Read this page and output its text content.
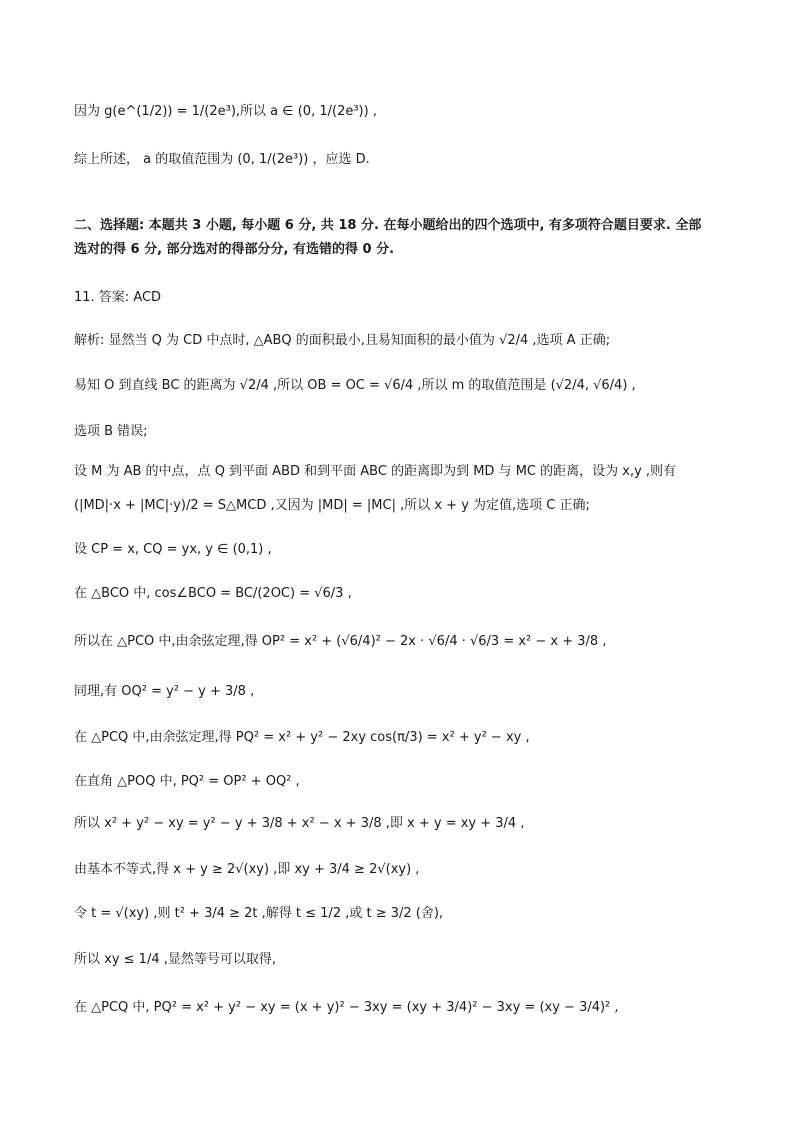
因为 g(e^(1/2)) = 1/(2e³),所以 a ∈ (0, 1/(2e³)) ,
综上所述， a 的取值范围为 (0, 1/(2e³)) ，应选 D.
二、选择题: 本题共 3 小题, 每小题 6 分, 共 18 分. 在每小题给出的四个选项中, 有多项符合题目要求. 全部
选对的得 6 分, 部分选对的得部分分, 有选错的得 0 分.
11. 答案: ACD
解析: 显然当 Q 为 CD 中点时, △ABQ 的面积最小,且易知面积的最小值为 √2/4 ,选项 A 正确;
易知 O 到直线 BC 的距离为 √2/4 ,所以 OB = OC = √6/4 ,所以 m 的取值范围是 (√2/4, √6/4) ,
选项 B 错误;
设 M 为 AB 的中点，点 Q 到平面 ABD 和到平面 ABC 的距离即为到 MD 与 MC 的距离，设为 x,y ,则有
(|MD|·x + |MC|·y)/2 = S△MCD ,又因为 |MD| = |MC| ,所以 x + y 为定值,选项 C 正确;
设 CP = x, CQ = yx, y ∈ (0,1) ,
在 △BCO 中, cos∠BCO = BC/(2OC) = √6/3 ,
所以在 △PCO 中,由余弦定理,得 OP² = x² + (√6/4)² − 2x · √6/4 · √6/3 = x² − x + 3/8 ,
同理,有 OQ² = y² − y + 3/8 ,
在 △PCQ 中,由余弦定理,得 PQ² = x² + y² − 2xy cos(π/3) = x² + y² − xy ,
在直角 △POQ 中, PQ² = OP² + OQ² ,
所以 x² + y² − xy = y² − y + 3/8 + x² − x + 3/8 ,即 x + y = xy + 3/4 ,
由基本不等式,得 x + y ≥ 2√(xy) ,即 xy + 3/4 ≥ 2√(xy) ,
令 t = √(xy) ,则 t² + 3/4 ≥ 2t ,解得 t ≤ 1/2 ,或 t ≥ 3/2 (舍),
所以 xy ≤ 1/4 ,显然等号可以取得,
在 △PCQ 中, PQ² = x² + y² − xy = (x + y)² − 3xy = (xy + 3/4)² − 3xy = (xy − 3/4)² ,
